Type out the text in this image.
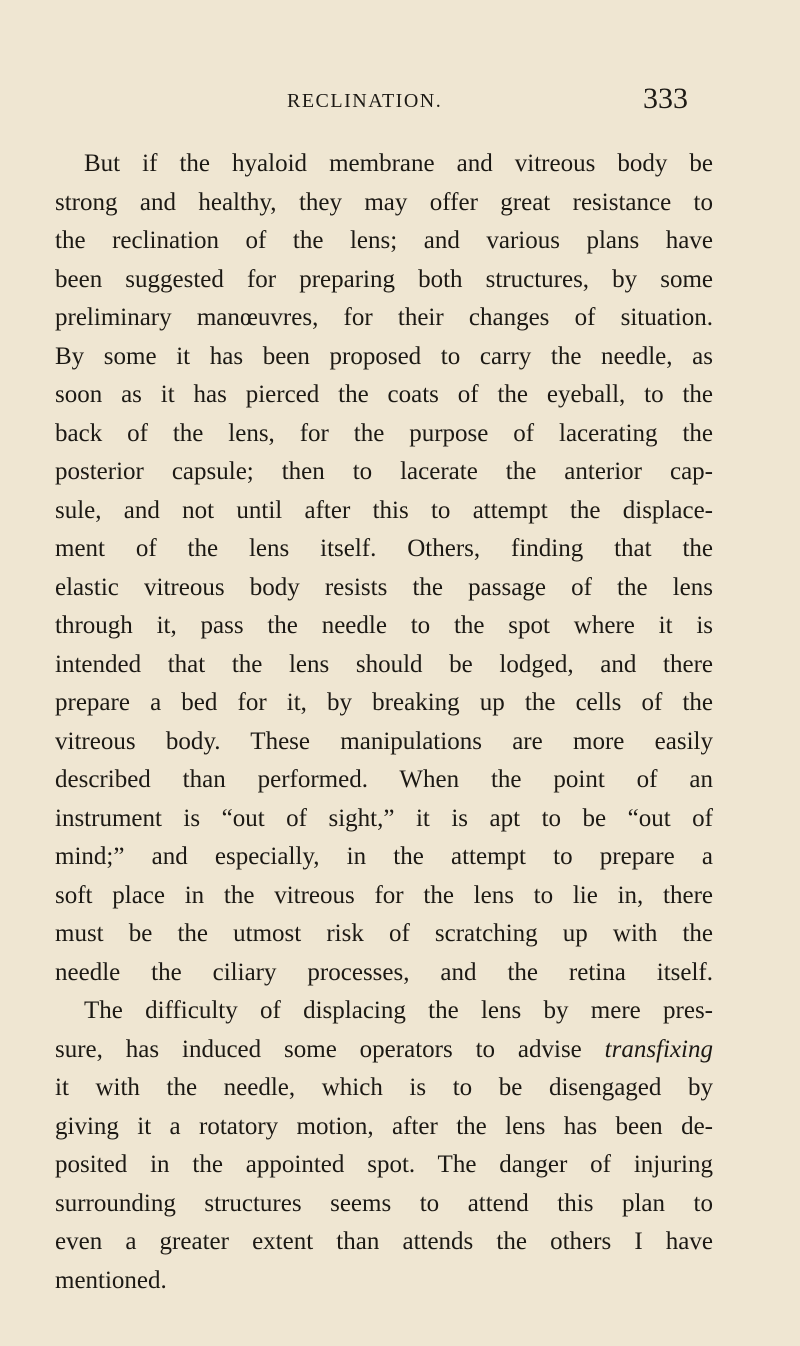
RECLINATION.	333
But if the hyaloid membrane and vitreous body be
strong and healthy, they may offer great resistance to
the reclination of the lens; and various plans have
been suggested for preparing both structures, by some
preliminary manœuvres, for their changes of situation.
By some it has been proposed to carry the needle, as
soon as it has pierced the coats of the eyeball, to the
back of the lens, for the purpose of lacerating the
posterior capsule; then to lacerate the anterior cap-
sule, and not until after this to attempt the displace-
ment of the lens itself. Others, finding that the
elastic vitreous body resists the passage of the lens
through it, pass the needle to the spot where it is
intended that the lens should be lodged, and there
prepare a bed for it, by breaking up the cells of the
vitreous body. These manipulations are more easily
described than performed. When the point of an
instrument is “out of sight,” it is apt to be “out of
mind;” and especially, in the attempt to prepare a
soft place in the vitreous for the lens to lie in, there
must be the utmost risk of scratching up with the
needle the ciliary processes, and the retina itself.
The difficulty of displacing the lens by mere pres-
sure, has induced some operators to advise transfixing
it with the needle, which is to be disengaged by
giving it a rotatory motion, after the lens has been de-
posited in the appointed spot. The danger of injuring
surrounding structures seems to attend this plan to
even a greater extent than attends the others I have
mentioned.
